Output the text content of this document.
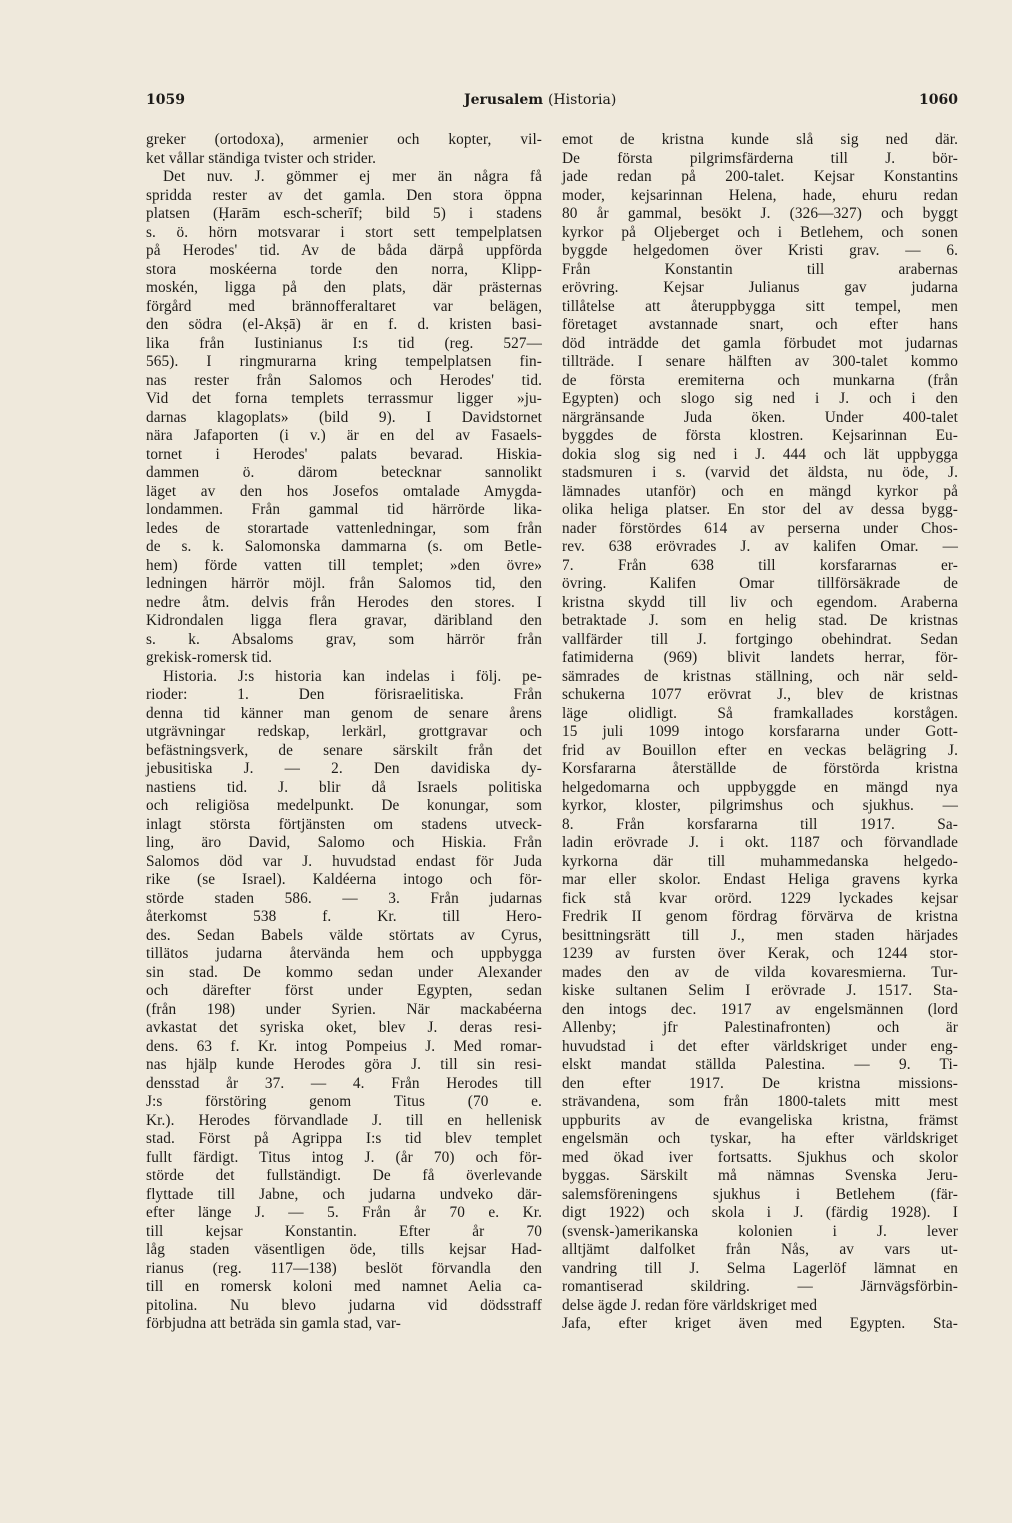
1059	Jerusalem (Historia)	1060
greker (ortodoxa), armenier och kopter, vil-
ket vållar ständiga tvister och strider.
Det nuv. J. gömmer ej mer än några få
spridda rester av det gamla. Den stora öppna
platsen (Ḥarām esch-scherīf; bild 5) i stadens
s. ö. hörn motsvarar i stort sett tempelplatsen
på Herodes' tid. Av de båda därpå uppförda
stora moskéerna torde den norra, Klipp-
moskén, ligga på den plats, där prästernas
förgård med brännofferaltaret var belägen,
den södra (el-Akṣā) är en f. d. kristen basi-
lika från Iustinianus I:s tid (reg. 527—
565). I ringmurarna kring tempelplatsen fin-
nas rester från Salomos och Herodes' tid.
Vid det forna templets terrassmur ligger »ju-
darnas klagoplats» (bild 9). I Davidstornet
nära Jafaporten (i v.) är en del av Fasaels-
tornet i Herodes' palats bevarad. Hiskia-
dammen ö. därom betecknar sannolikt
läget av den hos Josefos omtalade Amygda-
londammen. Från gammal tid härrörde lika-
ledes de storartade vattenledningar, som från
de s. k. Salomonska dammarna (s. om Betle-
hem) förde vatten till templet; »den övre»
ledningen härrör möjl. från Salomos tid, den
nedre åtm. delvis från Herodes den stores. I
Kidrondalen ligga flera gravar, däribland den
s. k. Absaloms grav, som härrör från
grekisk-romersk tid.
Historia. J:s historia kan indelas i följ. pe-
rioder: 1. Den förisraelitiska. Från
denna tid känner man genom de senare årens
utgrävningar redskap, lerkärl, grottgravar och
befästningsverk, de senare särskilt från det
jebusitiska J. — 2. Den davidiska dy-
nastiens tid. J. blir då Israels politiska
och religiösa medelpunkt. De konungar, som
inlagt största förtjänsten om stadens utveck-
ling, äro David, Salomo och Hiskia. Från
Salomos död var J. huvudstad endast för Juda
rike (se Israel). Kaldéerna intogo och för-
störde staden 586. — 3. Från judarnas
återkomst 538 f. Kr. till Hero-
des. Sedan Babels välde störtats av Cyrus,
tillätos judarna återvända hem och uppbygga
sin stad. De kommo sedan under Alexander
och därefter först under Egypten, sedan
(från 198) under Syrien. När mackabéerna
avkastat det syriska oket, blev J. deras resi-
dens. 63 f. Kr. intog Pompeius J. Med romar-
nas hjälp kunde Herodes göra J. till sin resi-
densstad år 37. — 4. Från Herodes till
J:s förstöring genom Titus (70 e.
Kr.). Herodes förvandlade J. till en hellenisk
stad. Först på Agrippa I:s tid blev templet
fullt färdigt. Titus intog J. (år 70) och för-
störde det fullständigt. De få överlevande
flyttade till Jabne, och judarna undveko där-
efter länge J. — 5. Från år 70 e. Kr.
till kejsar Konstantin. Efter år 70
låg staden väsentligen öde, tills kejsar Had-
rianus (reg. 117—138) beslöt förvandla den
till en romersk koloni med namnet Aelia ca-
pitolina. Nu blevo judarna vid dödsstraff
förbjudna att beträda sin gamla stad, var-
emot de kristna kunde slå sig ned där.
De första pilgrimsfärderna till J. bör-
jade redan på 200-talet. Kejsar Konstantins
moder, kejsarinnan Helena, hade, ehuru redan
80 år gammal, besökt J. (326—327) och byggt
kyrkor på Oljeberget och i Betlehem, och sonen
byggde helgedomen över Kristi grav. — 6.
Från Konstantin till arabernas
erövring. Kejsar Julianus gav judarna
tillåtelse att återuppbygga sitt tempel, men
företaget avstannade snart, och efter hans
död inträdde det gamla förbudet mot judarnas
tillträde. I senare hälften av 300-talet kommo
de första eremiterna och munkarna (från
Egypten) och slogo sig ned i J. och i den
närgränsande Juda öken. Under 400-talet
byggdes de första klostren. Kejsarinnan Eu-
dokia slog sig ned i J. 444 och lät uppbygga
stadsmuren i s. (varvid det äldsta, nu öde, J.
lämnades utanför) och en mängd kyrkor på
olika heliga platser. En stor del av dessa bygg-
nader förstördes 614 av perserna under Chos-
rev. 638 erövrades J. av kalifen Omar. —
7. Från 638 till korsfararnas er-
övring. Kalifen Omar tillförsäkrade de
kristna skydd till liv och egendom. Araberna
betraktade J. som en helig stad. De kristnas
vallfärder till J. fortgingo obehindrat. Sedan
fatimiderna (969) blivit landets herrar, för-
sämrades de kristnas ställning, och när seld-
schukerna 1077 erövrat J., blev de kristnas
läge olidligt. Så framkallades korstågen.
15 juli 1099 intogo korsfararna under Gott-
frid av Bouillon efter en veckas belägring J.
Korsfararna återställde de förstörda kristna
helgedomarna och uppbyggde en mängd nya
kyrkor, kloster, pilgrimshus och sjukhus. —
8. Från korsfararna till 1917. Sa-
ladin erövrade J. i okt. 1187 och förvandlade
kyrkorna där till muhammedanska helgedo-
mar eller skolor. Endast Heliga gravens kyrka
fick stå kvar orörd. 1229 lyckades kejsar
Fredrik II genom fördrag förvärva de kristna
besittningsrätt till J., men staden härjades
1239 av fursten över Kerak, och 1244 stor-
mades den av de vilda kovaresmierna. Tur-
kiske sultanen Selim I erövrade J. 1517. Sta-
den intogs dec. 1917 av engelsmännen (lord
Allenby; jfr Palestinafronten) och är
huvudstad i det efter världskriget under eng-
elskt mandat ställda Palestina. — 9. Ti-
den efter 1917. De kristna missions-
strävandena, som från 1800-talets mitt mest
uppburits av de evangeliska kristna, främst
engelsmän och tyskar, ha efter världskriget
med ökad iver fortsatts. Sjukhus och skolor
byggas. Särskilt må nämnas Svenska Jeru-
salemsföreningens sjukhus i Betlehem (fär-
digt 1922) och skola i J. (färdig 1928). I
(svensk-)amerikanska kolonien i J. lever
alltjämt dalfolket från Nås, av vars ut-
vandring till J. Selma Lagerlöf lämnat en
romantiserad skildring. — Järnvägsförbin-
delse ägde J. redan före världskriget med
Jafa, efter kriget även med Egypten. Sta-
